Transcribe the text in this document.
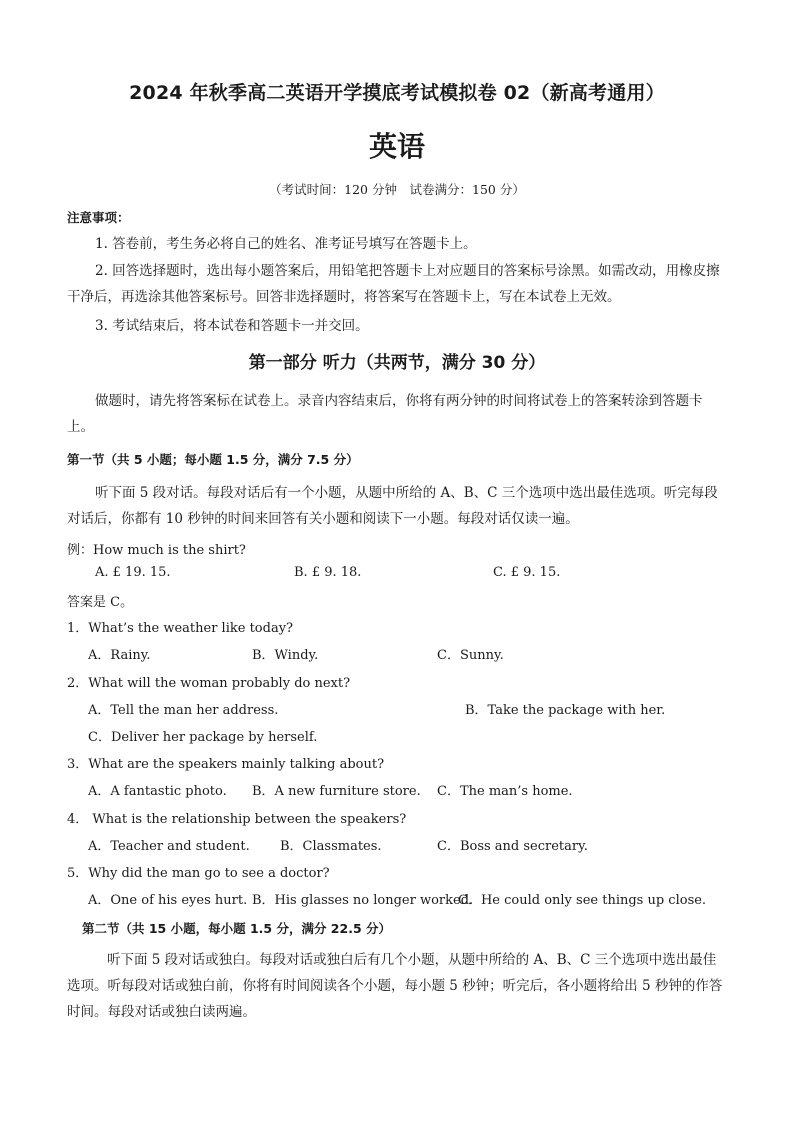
2024 年秋季高二英语开学摸底考试模拟卷 02（新高考通用）
英语
（考试时间：120 分钟　试卷满分：150 分）
注意事项：
1. 答卷前，考生务必将自己的姓名、准考证号填写在答题卡上。
2. 回答选择题时，选出每小题答案后，用铅笔把答题卡上对应题目的答案标号涂黑。如需改动，用橡皮擦干净后，再选涂其他答案标号。回答非选择题时，将答案写在答题卡上，写在本试卷上无效。
3. 考试结束后，将本试卷和答题卡一并交回。
第一部分 听力（共两节，满分 30 分）
做题时，请先将答案标在试卷上。录音内容结束后，你将有两分钟的时间将试卷上的答案转涂到答题卡上。
第一节（共 5 小题；每小题 1.5 分，满分 7.5 分）
听下面 5 段对话。每段对话后有一个小题，从题中所给的 A、B、C 三个选项中选出最佳选项。听完每段对话后，你都有 10 秒钟的时间来回答有关小题和阅读下一小题。每段对话仅读一遍。
例：How much is the shirt?
A. £ 19. 15.	B. £ 9. 18.	C. £ 9. 15.
答案是 C。
1．What’s the weather like today?
A．Rainy.	B．Windy.	C．Sunny.
2．What will the woman probably do next?
A．Tell the man her address.	B．Take the package with her.
C．Deliver her package by herself.
3．What are the speakers mainly talking about?
A．A fantastic photo. B．A new furniture store. C．The man’s home.
4． What is the relationship between the speakers?
A．Teacher and student. B．Classmates.	C．Boss and secretary.
5．Why did the man go to see a doctor?
A．One of his eyes hurt. B．His glasses no longer worked.
C．He could only see things up close.
第二节（共 15 小题，每小题 1.5 分，满分 22.5 分）
听下面 5 段对话或独白。每段对话或独白后有几个小题，从题中所给的 A、B、C 三个选项中选出最佳选项。听每段对话或独白前，你将有时间阅读各个小题，每小题 5 秒钟；听完后，各小题将给出 5 秒钟的作答时间。每段对话或独白读两遍。
